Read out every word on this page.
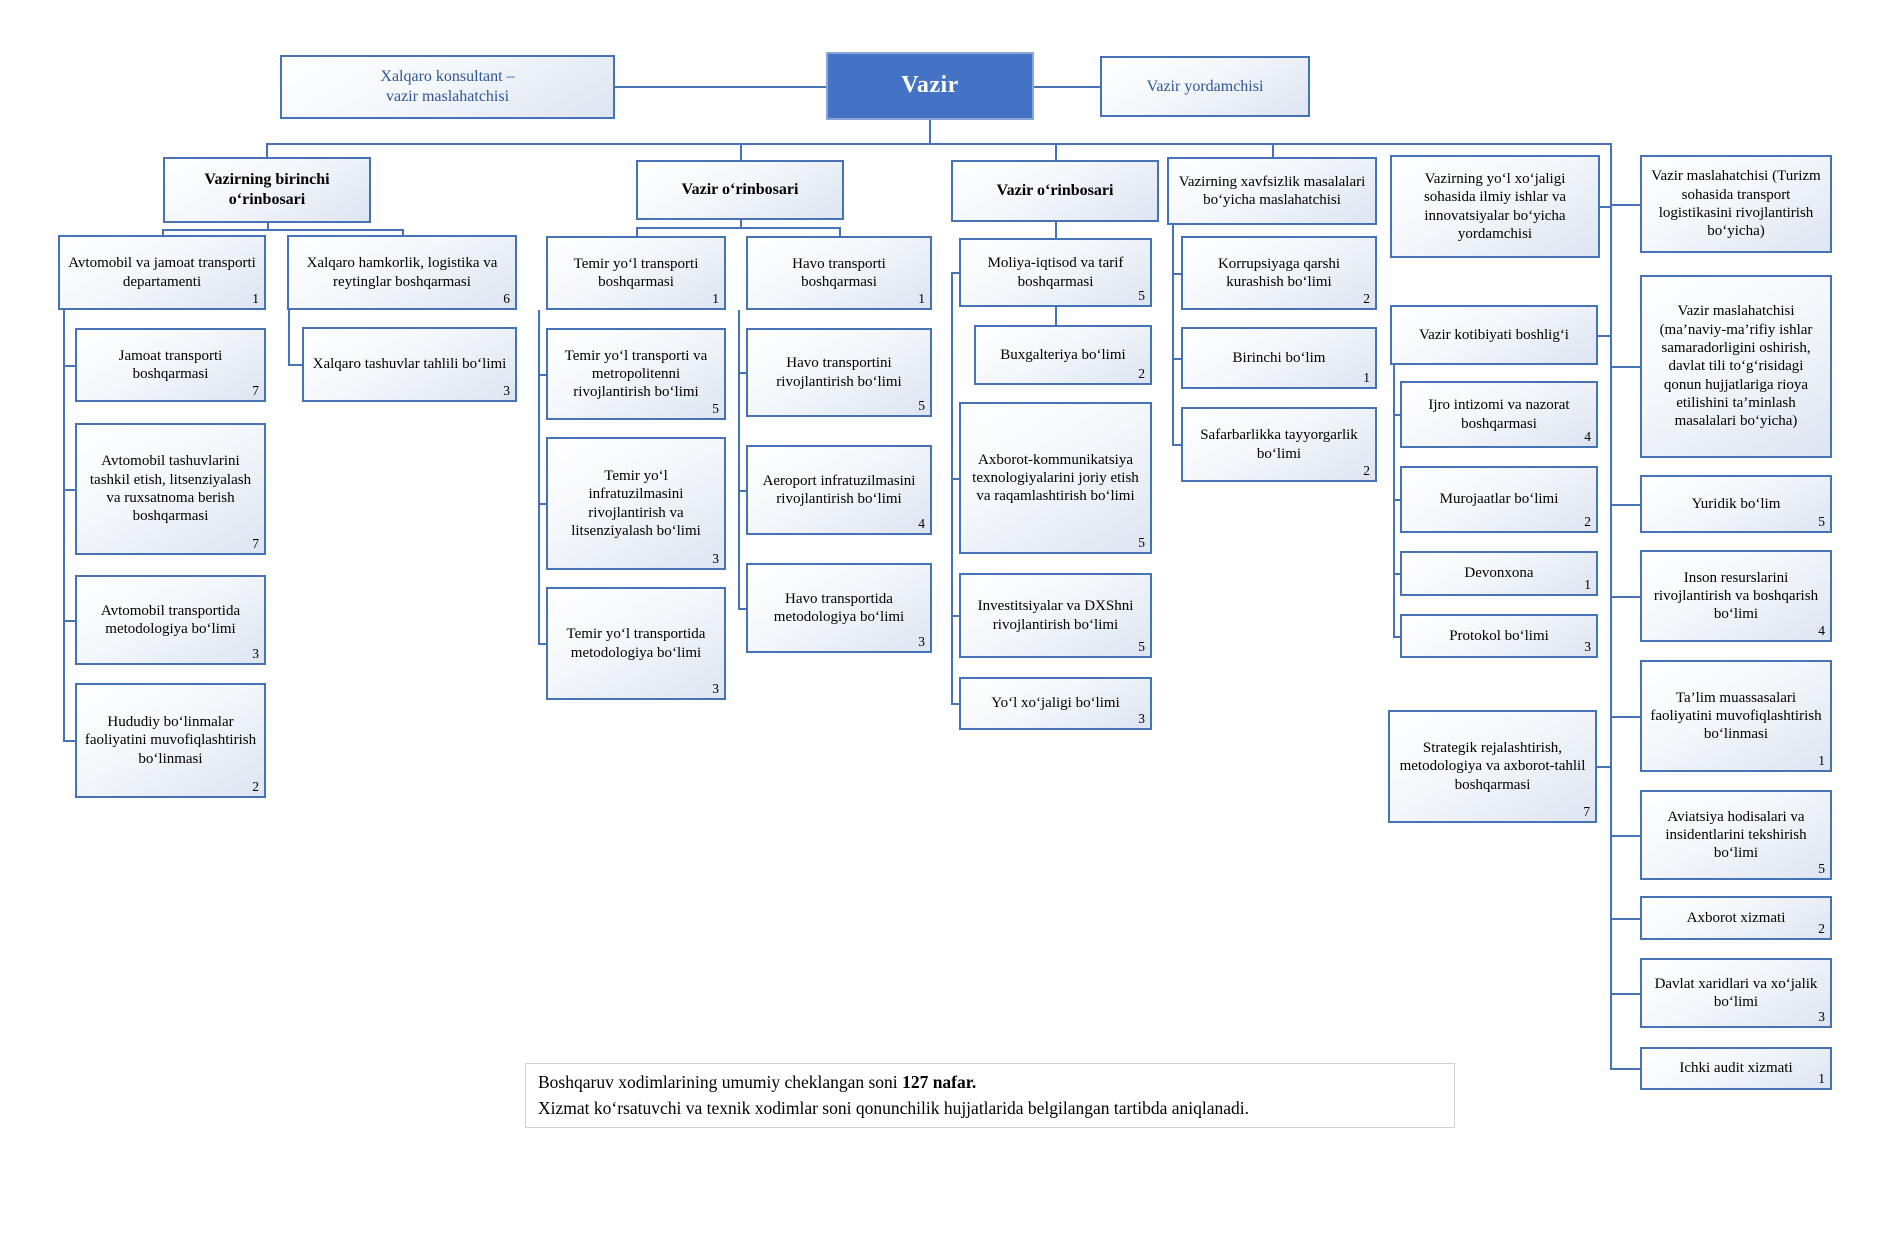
Xalqaro konsultant –
vazir maslahatchisi	Vazir	Vazir yordamchisi
Boshqaruv xodimlarining umumiy cheklangan soni 127 nafar.
Xizmat ko‘rsatuvchi va texnik xodimlar soni qonunchilik hujjatlarida belgilangan tartibda aniqlanadi.
Vazirning birinchi o‘rinbosari
Vazir o‘rinbosari	Vazir o‘rinbosari
Vazirning xavfsizlik masalalari bo‘yicha maslahatchisi
Vazirning yo‘l xo‘jaligi sohasida ilmiy ishlar va innovatsiyalar bo‘yicha yordamchisi
Vazir maslahatchisi (Turizm sohasida transport logistikasini rivojlantirish bo‘yicha)
Avtomobil va jamoat transporti departamenti
1
Jamoat transporti boshqarmasi
7
Avtomobil tashuvlarini tashkil etish, litsenziyalash va ruxsatnoma berish boshqarmasi
7
Avtomobil transportida metodologiya bo‘limi
3
Hududiy bo‘linmalar faoliyatini muvofiqlashtirish bo‘linmasi
2
Xalqaro hamkorlik, logistika va reytinglar boshqarmasi
6
Xalqaro tashuvlar tahlili bo‘limi
3
Temir yo‘l transporti boshqarmasi
1
Temir yo‘l transporti va metropolitenni rivojlantirish bo‘limi
5
Temir yo‘l infratuzilmasini rivojlantirish va litsenziyalash bo‘limi
3
Temir yo‘l transportida metodologiya bo‘limi
3
Havo transporti boshqarmasi
1
Havo transportini rivojlantirish bo‘limi
5
Aeroport infratuzilmasini rivojlantirish bo‘limi
4
Havo transportida metodologiya bo‘limi
3
Moliya-iqtisod va tarif boshqarmasi
5
Buxgalteriya bo‘limi
2
Axborot-kommunikatsiya texnologiyalarini joriy etish va raqamlashtirish bo‘limi
5
Investitsiyalar va DXShni rivojlantirish bo‘limi
5
Yo‘l xo‘jaligi bo‘limi
3
Korrupsiyaga qarshi kurashish bo‘limi
2
Birinchi bo‘lim
1
Safarbarlikka tayyorgarlik bo‘limi
2
Vazir kotibiyati boshlig‘i
Ijro intizomi va nazorat boshqarmasi
4
Murojaatlar bo‘limi
2
Devonxona
1
Protokol bo‘limi
3
Strategik rejalashtirish, metodologiya va axborot-tahlil boshqarmasi
7
Vazir maslahatchisi (ma’naviy-ma’rifiy ishlar samaradorligini oshirish, davlat tili to‘g‘risidagi qonun hujjatlariga rioya etilishini ta’minlash masalalari bo‘yicha)
Yuridik bo‘lim
5
Inson resurslarini rivojlantirish va boshqarish bo‘limi
4
Ta’lim muassasalari faoliyatini muvofiqlashtirish bo‘linmasi
1
Aviatsiya hodisalari va insidentlarini tekshirish bo‘limi
5
Axborot xizmati
2
Davlat xaridlari va xo‘jalik bo‘limi
3
Ichki audit xizmati
1
